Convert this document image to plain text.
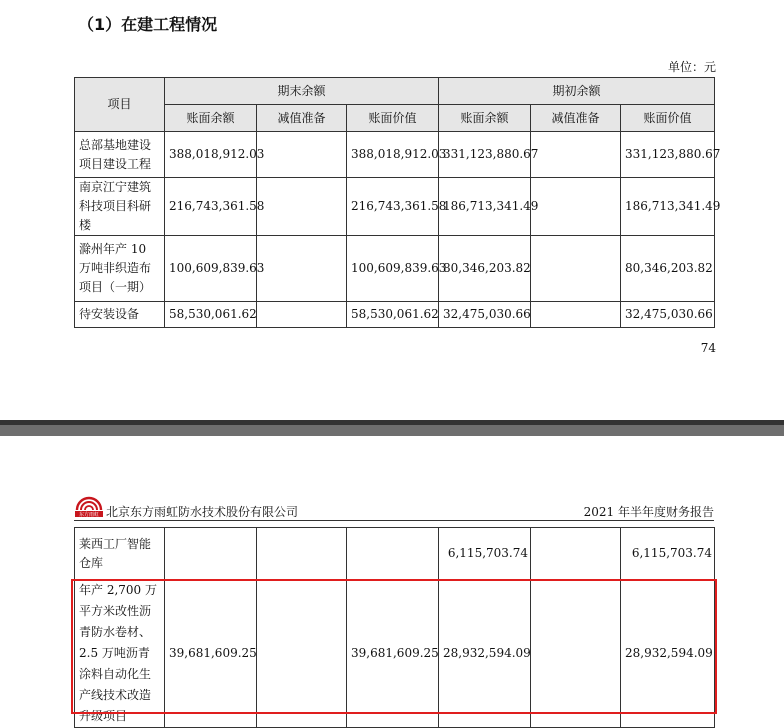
（1）在建工程情况
单位：元
项目	期末余额			期初余额		
	账面余额	减值准备	账面价值	账面余额	减值准备	账面价值
总部基地建设项目建设工程	388,018,912.03		388,018,912.03	331,123,880.67		331,123,880.67
南京江宁建筑科技项目科研楼	216,743,361.58		216,743,361.58	186,713,341.49		186,713,341.49
滁州年产 10 万吨非织造布项目（一期）	100,609,839.63		100,609,839.63	80,346,203.82		80,346,203.82
待安装设备	58,530,061.62		58,530,061.62	32,475,030.66		32,475,030.66
74
东方雨虹 北京东方雨虹防水技术股份有限公司	2021 年半年度财务报告
莱西工厂智能仓库				6,115,703.74		6,115,703.74
年产 2,700 万平方米改性沥青防水卷材、2.5 万吨沥青涂料自动化生产线技术改造升级项目	39,681,609.25		39,681,609.25	28,932,594.09		28,932,594.09
